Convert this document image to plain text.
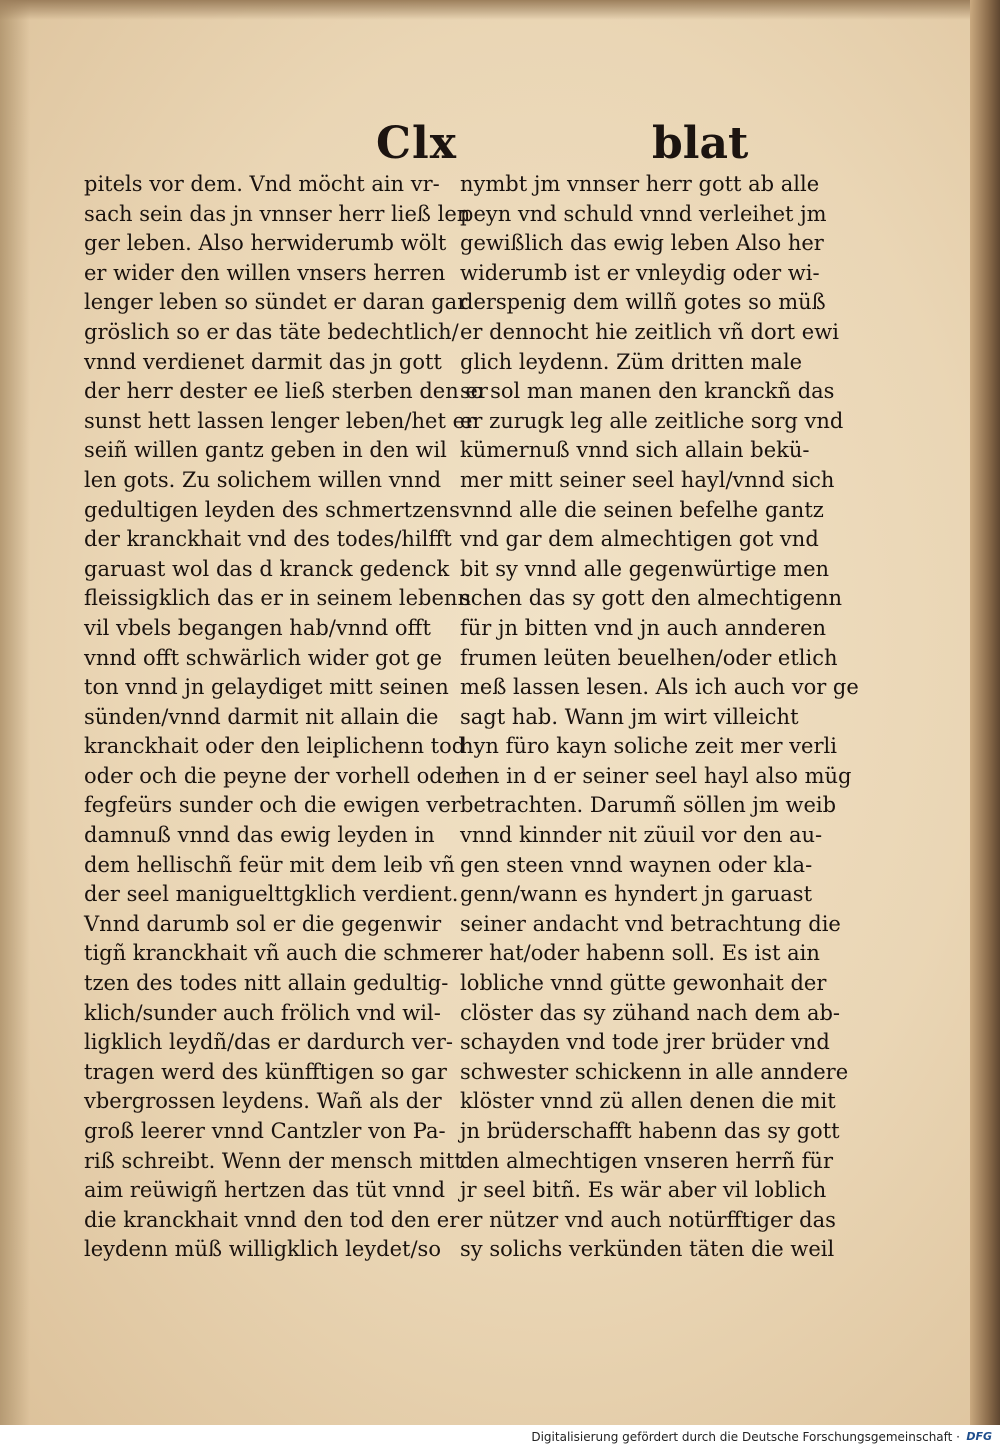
Clx	blat
pitels vor dem. Vnd möcht ain vr-
sach sein das jn vnnser herr ließ len
ger leben. Also herwiderumb wölt
er wider den willen vnsers herren
lenger leben so sündet er daran gar
gröslich so er das täte bedechtlich/
vnnd verdienet darmit das jn gott
der herr dester ee ließ sterben den er
sunst hett lassen lenger leben/het er
seiñ willen gantz geben in den wil
len gots. Zu solichem willen vnnd
gedultigen leyden des schmertzens
der kranckhait vnd des todes/hilfft
garuast wol das d kranck gedenck
fleissigklich das er in seinem lebenn
vil vbels begangen hab/vnnd offt
vnnd offt schwärlich wider got ge
ton vnnd jn gelaydiget mitt seinen
sünden/vnnd darmit nit allain die
kranckhait oder den leiplichenn tod
oder och die peyne der vorhell oder
fegfeürs sunder och die ewigen ver
damnuß vnnd das ewig leyden in
dem hellischñ feür mit dem leib vñ
der seel maniguelttgklich verdient.
Vnnd darumb sol er die gegenwir
tigñ kranckhait vñ auch die schmer
tzen des todes nitt allain gedultig-
klich/sunder auch frölich vnd wil-
ligklich leydñ/das er dardurch ver-
tragen werd des künfftigen so gar
vbergrossen leydens. Wañ als der
groß leerer vnnd Cantzler von Pa-
riß schreibt. Wenn der mensch mitt
aim reüwigñ hertzen das tüt vnnd
die kranckhait vnnd den tod den er
leydenn müß willigklich leydet/so
nymbt jm vnnser herr gott ab alle
peyn vnd schuld vnnd verleihet jm
gewißlich das ewig leben Also her
widerumb ist er vnleydig oder wi-
derspenig dem willñ gotes so müß
er dennocht hie zeitlich vñ dort ewi
glich leydenn. Züm dritten male
so sol man manen den kranckñ das
er zurugk leg alle zeitliche sorg vnd
kümernuß vnnd sich allain bekü-
mer mitt seiner seel hayl/vnnd sich
vnnd alle die seinen befelhe gantz
vnd gar dem almechtigen got vnd
bit sy vnnd alle gegenwürtige men
schen das sy gott den almechtigenn
für jn bitten vnd jn auch annderen
frumen leüten beuelhen/oder etlich
meß lassen lesen. Als ich auch vor ge
sagt hab. Wann jm wirt villeicht
hyn füro kayn soliche zeit mer verli
hen in d er seiner seel hayl also müg
betrachten. Darumñ söllen jm weib
vnnd kinnder nit züuil vor den au-
gen steen vnnd waynen oder kla-
genn/wann es hyndert jn garuast
seiner andacht vnd betrachtung die
er hat/oder habenn soll. Es ist ain
lobliche vnnd gütte gewonhait der
clöster das sy zühand nach dem ab-
schayden vnd tode jrer brüder vnd
schwester schickenn in alle anndere
klöster vnnd zü allen denen die mit
jn brüderschafft habenn das sy gott
den almechtigen vnseren herrñ für
jr seel bitñ. Es wär aber vil loblich
er nützer vnd auch notürfftiger das
sy solichs verkünden täten die weil
Digitalisierung gefördert durch die Deutsche Forschungsgemeinschaft · DFG
